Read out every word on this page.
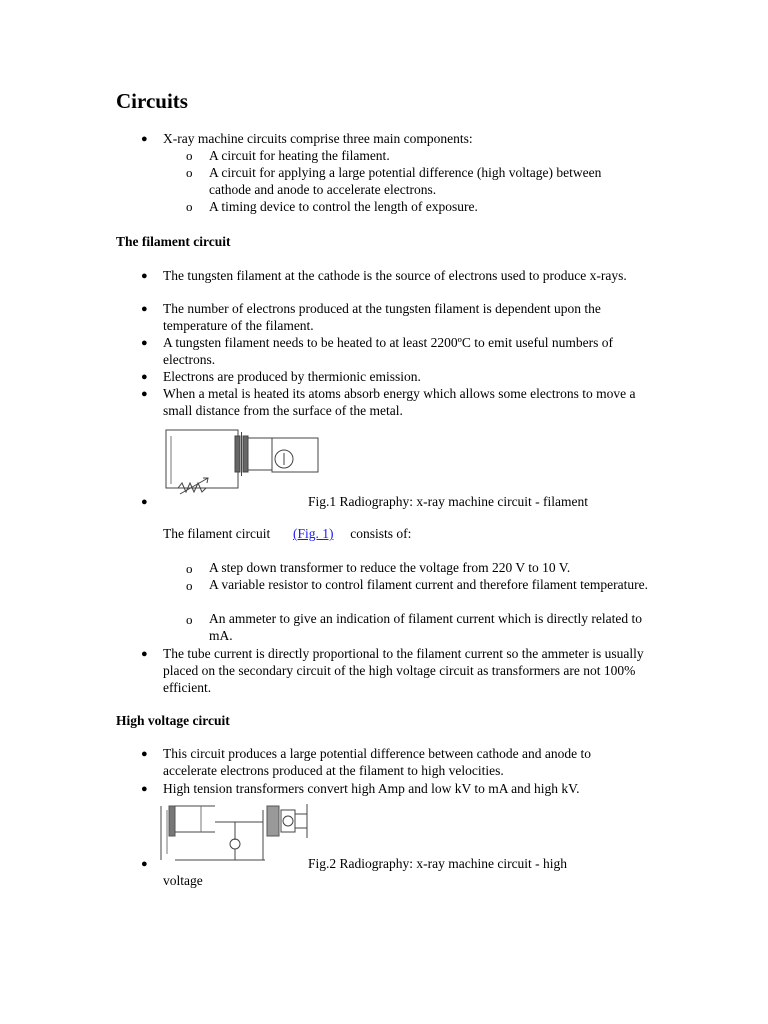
Circuits
● X-ray machine circuits comprise three main components:
o A circuit for heating the filament.
o A circuit for applying a large potential difference (high voltage) between cathode and anode to accelerate electrons.
o A timing device to control the length of exposure.
The filament circuit
● The tungsten filament at the cathode is the source of electrons used to produce x-rays.
● The number of electrons produced at the tungsten filament is dependent upon the temperature of the filament.
● A tungsten filament needs to be heated to at least 2200ºC to emit useful numbers of electrons.
● Electrons are produced by thermionic emission.
● When a metal is heated its atoms absorb energy which allows some electrons to move a small distance from the surface of the metal.
●	Fig.1 Radiography: x-ray machine circuit - filament
The filament circuit (Fig. 1) consists of:
o A step down transformer to reduce the voltage from 220 V to 10 V.
o A variable resistor to control filament current and therefore filament temperature.
o An ammeter to give an indication of filament current which is directly related to mA.
● The tube current is directly proportional to the filament current so the ammeter is usually placed on the secondary circuit of the high voltage circuit as transformers are not 100% efficient.
High voltage circuit
● This circuit produces a large potential difference between cathode and anode to accelerate electrons produced at the filament to high velocities.
● High tension transformers convert high Amp and low kV to mA and high kV.
●	Fig.2 Radiography: x-ray machine circuit - high
voltage
